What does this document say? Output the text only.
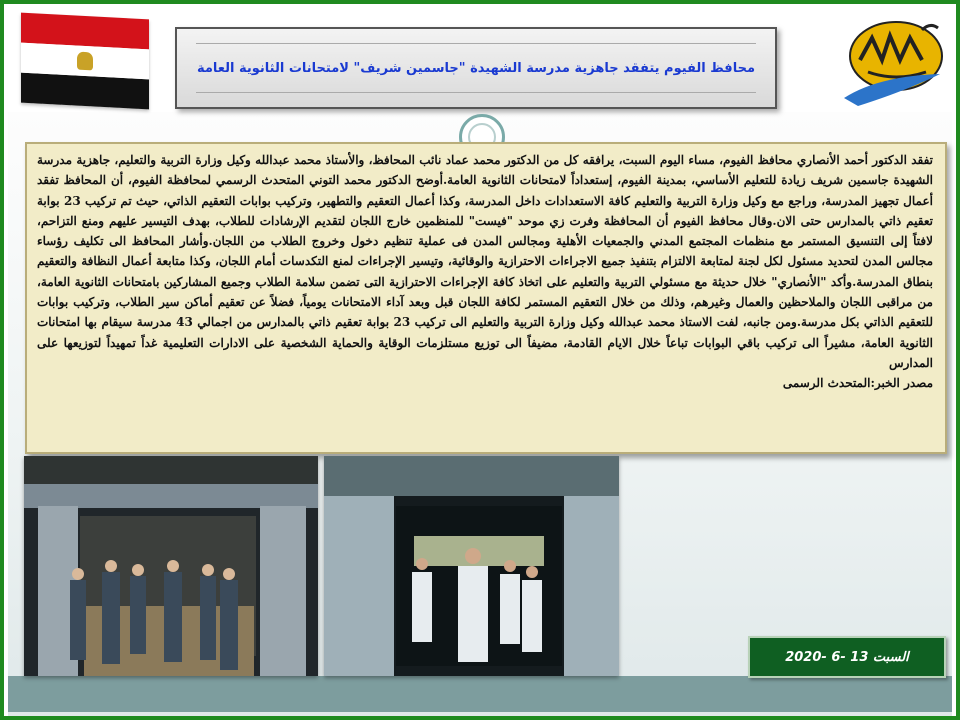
محافظ الفيوم يتفقد جاهزية مدرسة الشهيدة "جاسمين شريف" لامتحانات الثانوية العامة

تفقد الدكتور أحمد الأنصاري محافظ الفيوم، مساء اليوم السبت، يرافقه كل من الدكتور محمد عماد نائب المحافظ، والأستاذ محمد عبدالله وكيل وزارة التربية والتعليم، جاهزية مدرسة الشهيدة جاسمين شريف زيادة للتعليم الأساسي، بمدينة الفيوم، إستعداداً لامتحانات الثانوية العامة.أوضح الدكتور محمد التوني المتحدث الرسمي لمحافظة الفيوم، أن المحافظ تفقد أعمال تجهيز المدرسة، وراجع مع وكيل وزارة التربية والتعليم كافة الاستعدادات داخل المدرسة، وكذا أعمال التعقيم والتطهير، وتركيب بوابات التعقيم الذاتي، حيث تم تركيب 23 بوابة تعقيم ذاتي بالمدارس حتى الان.وقال محافظ الفيوم أن المحافظة وفرت زي موحد "فيست" للمنظمين خارج اللجان لتقديم الإرشادات للطلاب، بهدف التيسير عليهم ومنع التزاحم، لافتاً إلى التنسيق المستمر مع منظمات المجتمع المدني والجمعيات الأهلية ومجالس المدن فى عملية تنظيم دخول وخروج الطلاب من اللجان.وأشار المحافظ الى تكليف رؤساء مجالس المدن لتحديد مسئول لكل لجنة لمتابعة الالتزام بتنفيذ جميع الاجراءات الاحترازية والوقائية، وتيسير الإجراءات لمنع التكدسات أمام اللجان، وكذا متابعة أعمال النظافة والتعقيم بنطاق المدرسة.وأكد "الأنصاري" خلال حديثة مع مسئولي التربية والتعليم على اتخاذ كافة الإجراءات الاحترازية التى تضمن سلامة الطلاب وجميع المشاركين بامتحانات الثانوية العامة، من مراقبى اللجان والملاحظين والعمال وغيرهم، وذلك من خلال التعقيم المستمر لكافة اللجان قبل وبعد آداء الامتحانات يومياً، فضلاً عن تعقيم أماكن سير الطلاب، وتركيب بوابات للتعقيم الذاتي بكل مدرسة.ومن جانبه، لفت الاستاذ محمد عبدالله وكيل وزارة التربية والتعليم الى تركيب 23 بوابة تعقيم ذاتي بالمدارس من اجمالي 43 مدرسة سيقام بها امتحانات الثانوية العامة، مشيراً الى تركيب باقي البوابات تباعاً خلال الايام القادمة، مضيفاً الى توزيع مستلزمات الوقاية والحماية الشخصية على الادارات التعليمية غداً تمهيداً لتوزيعها على المدارس

مصدر الخبر:المتحدث الرسمى

السبت 13 -6 -2020
